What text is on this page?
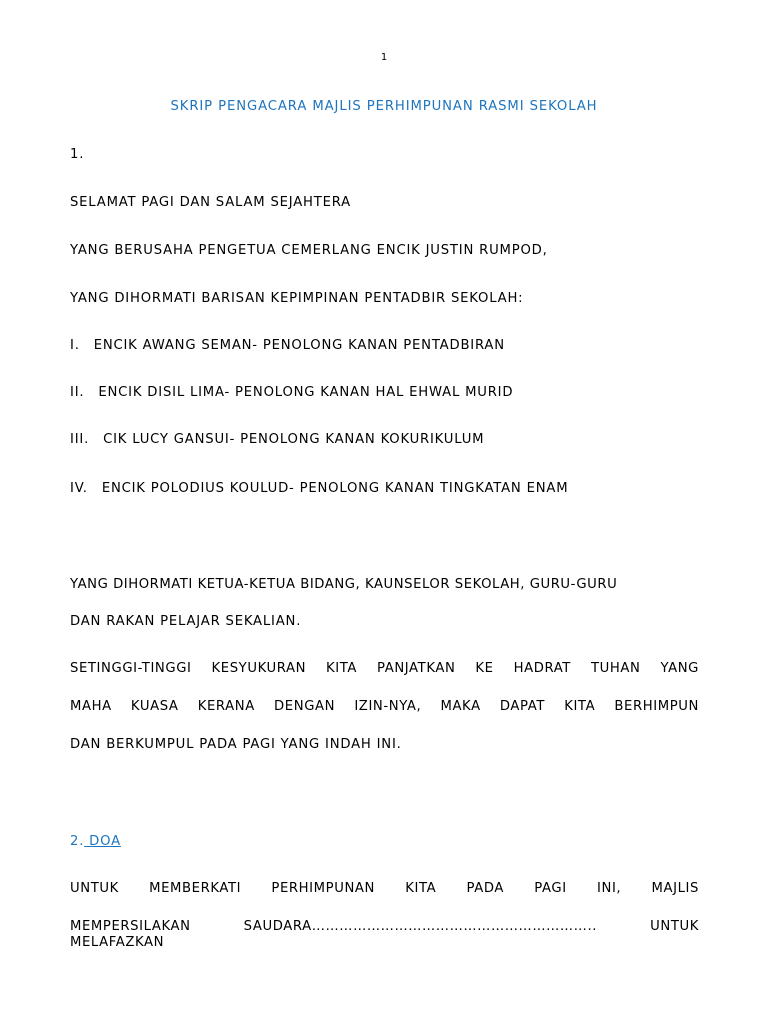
1
SKRIP PENGACARA MAJLIS PERHIMPUNAN RASMI SEKOLAH
1.
SELAMAT PAGI DAN SALAM SEJAHTERA
YANG BERUSAHA PENGETUA CEMERLANG ENCIK JUSTIN RUMPOD,
YANG DIHORMATI BARISAN KEPIMPINAN PENTADBIR SEKOLAH:
I. ENCIK AWANG SEMAN- PENOLONG KANAN PENTADBIRAN
II. ENCIK DISIL LIMA- PENOLONG KANAN HAL EHWAL MURID
III. CIK LUCY GANSUI- PENOLONG KANAN KOKURIKULUM
IV. ENCIK POLODIUS KOULUD- PENOLONG KANAN TINGKATAN ENAM
YANG DIHORMATI KETUA-KETUA BIDANG, KAUNSELOR SEKOLAH, GURU-GURU
DAN RAKAN PELAJAR SEKALIAN.
SETINGGI-TINGGI KESYUKURAN KITA PANJATKAN KE HADRAT TUHAN YANG
MAHA KUASA KERANA DENGAN IZIN-NYA, MAKA DAPAT KITA BERHIMPUN
DAN BERKUMPUL PADA PAGI YANG INDAH INI.
2. DOA
UNTUK MEMBERKATI PERHIMPUNAN KITA PADA PAGI INI, MAJLIS
MEMPERSILAKAN SAUDARA…………………………………………………….. UNTUK MELAFAZKAN
